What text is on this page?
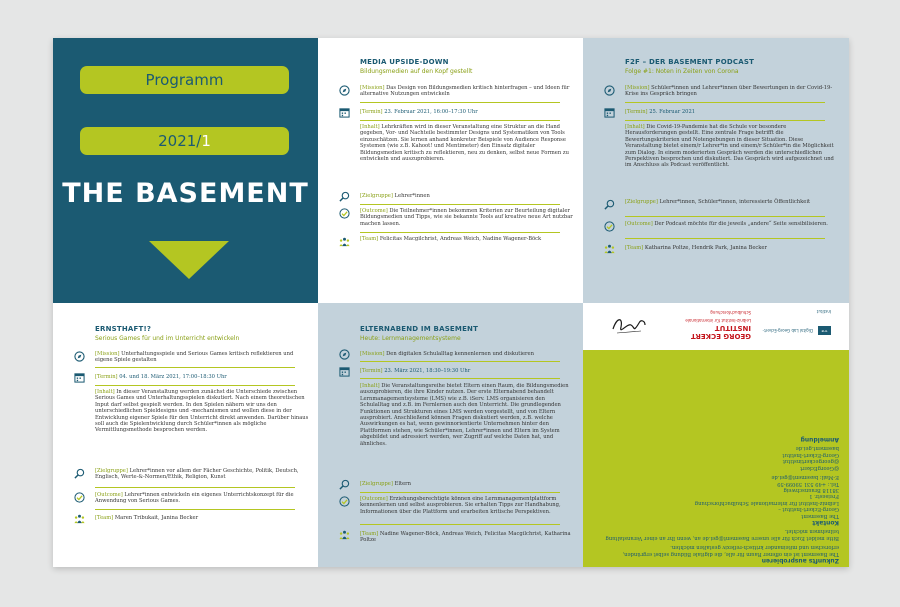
Programm
2021/1
THE BASEMENT
MEDIA UPSIDE-DOWN
Bildungsmedien auf den Kopf gestellt
[Mission] Das Design von Bildungsmedien kritisch hinterfragen – und Ideen für alternative Nutzungen entwickeln
[Termin] 23. Februar 2021, 16:00–17:30 Uhr
[Inhalt] Lehrkräften wird in dieser Veranstaltung eine Struktur an die Hand gegeben, Vor- und Nachteile bestimmter Designs und Systematiken von Tools einzuschätzen. Sie lernen anhand konkreter Beispiele von Audience Response Systemen (wie z.B. Kahoot! und Mentimeter) den Einsatz digitaler Bildungsmedien kritisch zu reflektieren, neu zu denken, selbst neue Formen zu entwickeln und auszuprobieren.
[Zielgruppe] Lehrer*innen
[Outcome] Die Teilnehmer*innen bekommen Kriterien zur Beurteilung digitaler Bildungsmedien und Tipps, wie sie bekannte Tools auf kreative neue Art nutzbar machen lassen.
[Team] Felicitas Macgilchrist, Andreas Weich, Nadine Wagener-Böck
F2F – DER BASEMENT PODCAST
Folge #1: Noten in Zeiten von Corona
[Mission] Schüler*innen und Lehrer*innen über Bewertungen in der Covid-19-Krise ins Gespräch bringen
[Termin] 25. Februar 2021
[Inhalt] Die Covid-19-Pandemie hat die Schule vor besondere Herausforderungen gestellt. Eine zentrale Frage betrifft die Bewertungskriterien und Notengebungen in dieser Situation. Diese Veranstaltung bietet einem/r Lehrer*in und einem/r Schüler*in die Möglichkeit zum Dialog. In einem moderierten Gespräch werden die unterschiedlichen Perspektiven besprochen und diskutiert. Das Gespräch wird aufgezeichnet und im Anschluss als Podcast veröffentlicht.
[Zielgruppe] Lehrer*innen, Schüler*innen, interessierte Öffentlichkeit
[Outcome] Der Podcast möchte für die jeweils „andere“ Seite sensibilisieren.
[Team] Katharina Poltze, Hendrik Park, Janina Becker
ERNSTHAFT!?
Serious Games für und im Unterricht entwickeln
[Mission] Unterhaltungsspiele und Serious Games kritisch reflektieren und eigene Spiele gestalten
[Termin] 04. und 18. März 2021, 17:00–18:30 Uhr
[Inhalt] In dieser Veranstaltung werden zunächst die Unterschiede zwischen Serious Games und Unterhaltungsspielen diskutiert. Nach einem theoretischen Input darf selbst gespielt werden. In den Spielen nähern wir uns den unterschiedlichen Spieldesigns und -mechanismen und wollen diese in der Entwicklung eigener Spiele für den Unterricht direkt anwenden. Darüber hinaus soll auch die Spielentwicklung durch Schüler*innen als mögliche Vermittlungsmethode besprochen werden.
[Zielgruppe] Lehrer*innen vor allem der Fächer Geschichte, Politik, Deutsch, Englisch, Werte-&-Normen/Ethik, Religion, Kunst
[Outcome] Lehrer*innen entwickeln ein eigenes Unterrichtskonzept für die Anwendung von Serious Games.
[Team] Maren Tribukait, Janina Becker
ELTERNABEND IM BASEMENT
Heute: Lernmanagementsysteme
[Mission] Den digitalen Schulalltag kennenlernen und diskutieren
[Termin] 23. März 2021, 18:30–19:30 Uhr
[Inhalt] Die Veranstaltungsreihe bietet Eltern einen Raum, die Bildungsmedien auszuprobieren, die ihre Kinder nutzen. Der erste Elternabend behandelt Lernmanagementsysteme (LMS) wie z.B. iServ. LMS organisieren den Schulalltag und z.B. im Fernlernen auch den Unterricht. Die grundlegenden Funktionen und Strukturen eines LMS werden vorgestellt, und von Eltern ausprobiert. Anschließend können Fragen diskutiert werden, z.B. welche Auswirkungen es hat, wenn gewinnorientierte Unternehmen hinter den Plattformen stehen, wie Schüler*innen, Lehrer*innen und Eltern im System abgebildet und adressiert werden, wer Zugriff auf welche Daten hat, und ähnliches.
[Zielgruppe] Eltern
[Outcome] Erziehungsberechtigte können eine Lernmanagementplattform kennenlernen und selbst ausprobieren. Sie erhalten Tipps zur Handhabung, Informationen über die Plattform und erarbeiten kritische Perspektiven.
[Team] Nadine Wagener-Böck, Andreas Weich, Felicitas Macgilchrist, Katharina Poltze
GEORG ECKERT INSTITUT
Leibniz-Institut für internationale Schulbuchforschung
THE BASEMENT Digital Lab Georg-Eckert-Institut

Zukunfts ausprobieren

The Basement ist ein offener Raum für alle, die digitale Bildung selbst ergründen, erforschen und miteinander kritisch-reflexiv gestalten möchten.

Bitte meldet Euch für alle unsere Basement@gei.de an, wenn Ihr an einer Veranstaltung teilnehmen möchtet.

Kontakt

The Basement
Georg-Eckert-Institut –
Leibniz-Institut für internationale Schulbuchforschung
Freisestr. 1
38118 Braunschweig
Tel.: +49 531 59099-59
E-Mail: basement@gei.de

@GeorgEckert
@georgeckertinstitut
Georg-Eckert-Institut
basement.gei.de

Anmeldung
